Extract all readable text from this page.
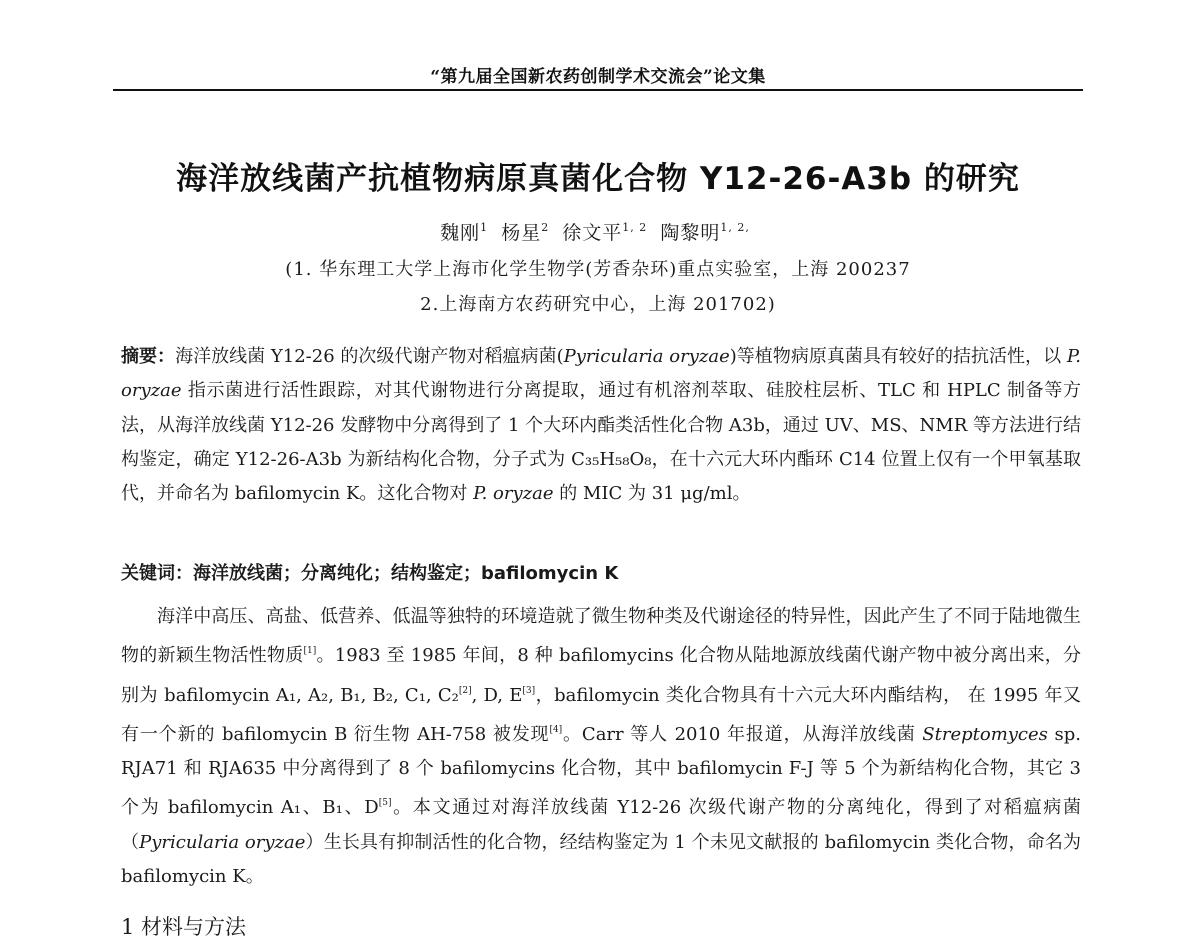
“第九届全国新农药创制学术交流会”论文集
海洋放线菌产抗植物病原真菌化合物 Y12-26-A3b 的研究
魏刚$^1$ 杨星$^2$ 徐文平$^{1, 2}$ 陶黎明$^{1, 2,}$
(1. 华东理工大学上海市化学生物学(芳香杂环)重点实验室，上海 200237
2.上海南方农药研究中心，上海 201702)

摘要：海洋放线菌 Y12-26 的次级代谢产物对稻瘟病菌(Pyricularia oryzae)等植物病原真菌具有较好的拮抗活性，以 P. oryzae 指示菌进行活性跟踪，对其代谢物进行分离提取，通过有机溶剂萃取、硅胶柱层析、TLC 和 HPLC 制备等方法，从海洋放线菌 Y12-26 发酵物中分离得到了 1 个大环内酯类活性化合物 A3b，通过 UV、MS、NMR 等方法进行结构鉴定，确定 Y12-26-A3b 为新结构化合物，分子式为 C₃₅H₅₈O₈，在十六元大环内酯环 C14 位置上仅有一个甲氧基取代，并命名为 bafilomycin K。这化合物对 P. oryzae 的 MIC 为 31 μg/ml。

关键词：海洋放线菌；分离纯化；结构鉴定；bafilomycin K

海洋中高压、高盐、低营养、低温等独特的环境造就了微生物种类及代谢途径的特异性，因此产生了不同于陆地微生物的新颖生物活性物质[1]。1983 至 1985 年间，8 种 bafilomycins 化合物从陆地源放线菌代谢产物中被分离出来，分别为 bafilomycin A₁, A₂, B₁, B₂, C₁, C₂[2], D, E[3]，bafilomycin 类化合物具有十六元大环内酯结构， 在 1995 年又有一个新的 bafilomycin B 衍生物 AH-758 被发现[4]。Carr 等人 2010 年报道，从海洋放线菌 Streptomyces sp. RJA71 和 RJA635 中分离得到了 8 个 bafilomycins 化合物，其中 bafilomycin F-J 等 5 个为新结构化合物，其它 3 个为 bafilomycin A₁、B₁、D[5]。本文通过对海洋放线菌 Y12-26 次级代谢产物的分离纯化，得到了对稻瘟病菌（Pyricularia oryzae）生长具有抑制活性的化合物，经结构鉴定为 1 个未见文献报的 bafilomycin 类化合物，命名为 bafilomycin K。

1 材料与方法
